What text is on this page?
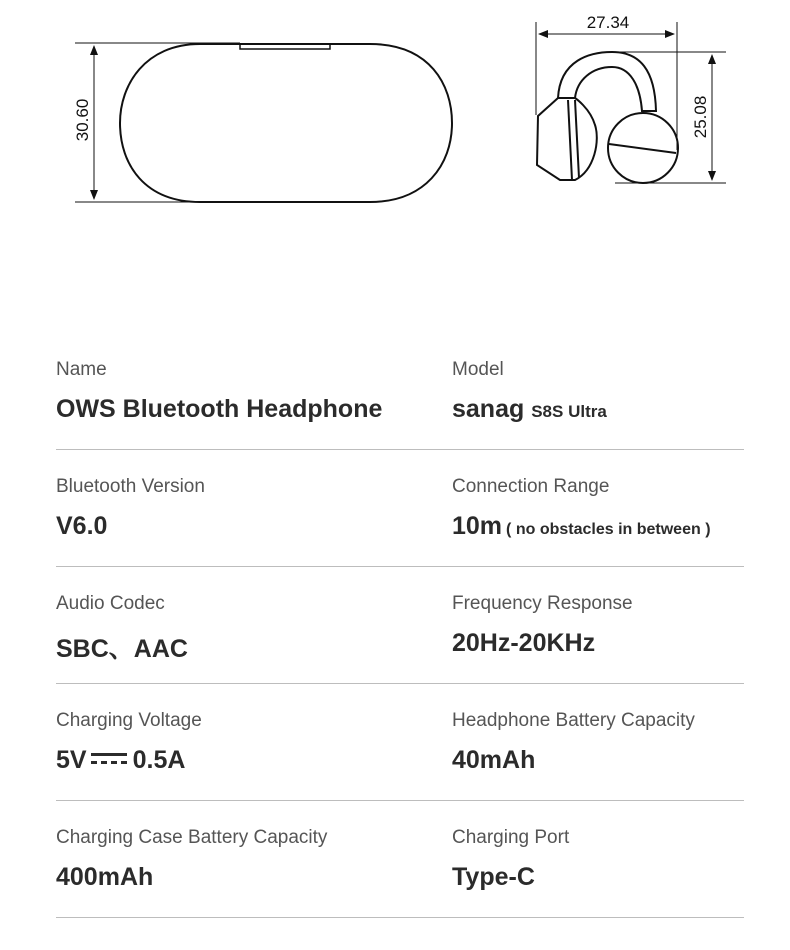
30.60
27.34
25.08
Name
OWS Bluetooth Headphone
Model
sanag S8S Ultra
Bluetooth Version
V6.0
Connection Range
10m ( no obstacles in between )
Audio Codec
SBC、AAC
Frequency Response
20Hz-20KHz
Charging Voltage
5V 0.5A
Headphone Battery Capacity
40mAh
Charging Case Battery Capacity
400mAh
Charging Port
Type-C
